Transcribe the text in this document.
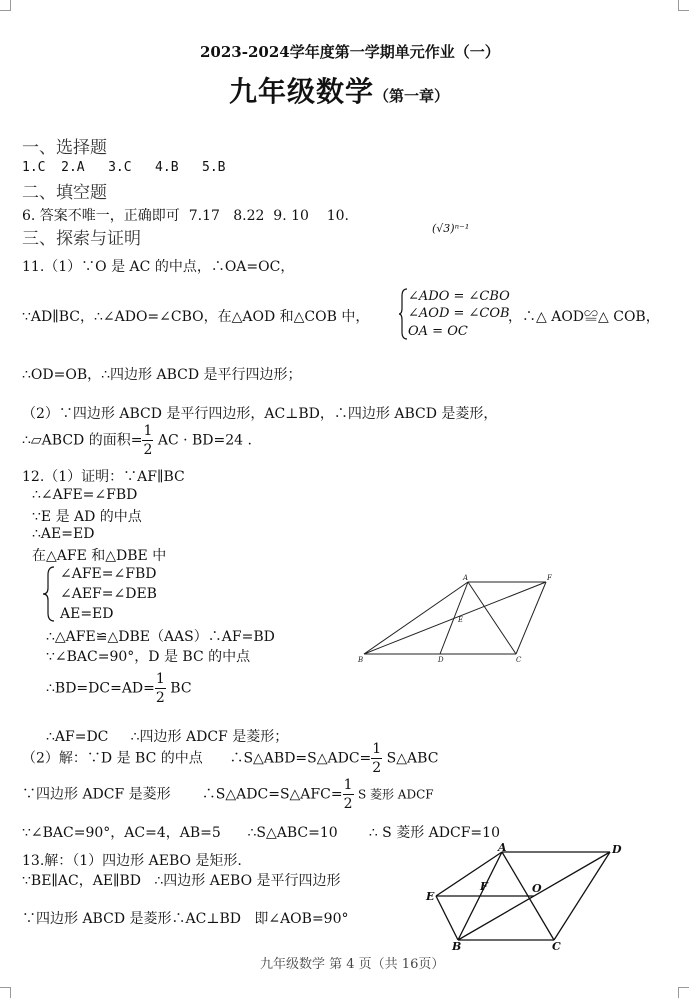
2023-2024学年度第一学期单元作业（一）
九年级数学（第一章）
一、选择题
1.C  2.A   3.C   4.B   5.B
二、填空题
6. 答案不唯一，正确即可  7.17   8.22  9. 10    10.
三、探索与证明
(√3)ⁿ⁻¹
11.（1）∵O 是 AC 的中点，∴OA=OC，
∵AD∥BC，∴∠ADO=∠CBO，在△AOD 和△COB 中，
∠ADO = ∠CBO
∠AOD = ∠COB
OA = OC
，∴△ AOD≌△ COB，
∴OD=OB，∴四边形 ABCD 是平行四边形；
（2）∵四边形 ABCD 是平行四边形，AC⊥BD，∴四边形 ABCD 是菱形，
∴▱ABCD 的面积= $\frac{1}{2}$ AC · BD=24 .
12.（1）证明：∵AF∥BC
∴∠AFE=∠FBD
∵E 是 AD 的中点
∴AE=ED
在△AFE 和△DBE 中
∠AFE=∠FBD
∠AEF=∠DEB
AE=ED
∴△AFE≌△DBE（AAS）∴AF=BD
∵∠BAC=90°，D 是 BC 的中点
∴BD=DC=AD= $\frac{1}{2}$ BC
∴AF=DC     ∴四边形 ADCF 是菱形；
（2）解：∵D 是 BC 的中点      ∴S△ABD=S△ADC= $\frac{1}{2}$ S△ABC
∵四边形 ADCF 是菱形       ∴S△ADC=S△AFC= $\frac{1}{2}$ S 菱形 ADCF
∵∠BAC=90°，AC=4，AB=5      ∴S△ABC=10       ∴ S 菱形 ADCF=10
A	F
E
B	D	C
13.解：（1）四边形 AEBO 是矩形.
∵BE∥AC，AE∥BD   ∴四边形 AEBO 是平行四边形
∵四边形 ABCD 是菱形∴AC⊥BD   即∠AOB=90°
A	D
E
F	O
B	C
九年级数学 第 4 页（共 16页）
